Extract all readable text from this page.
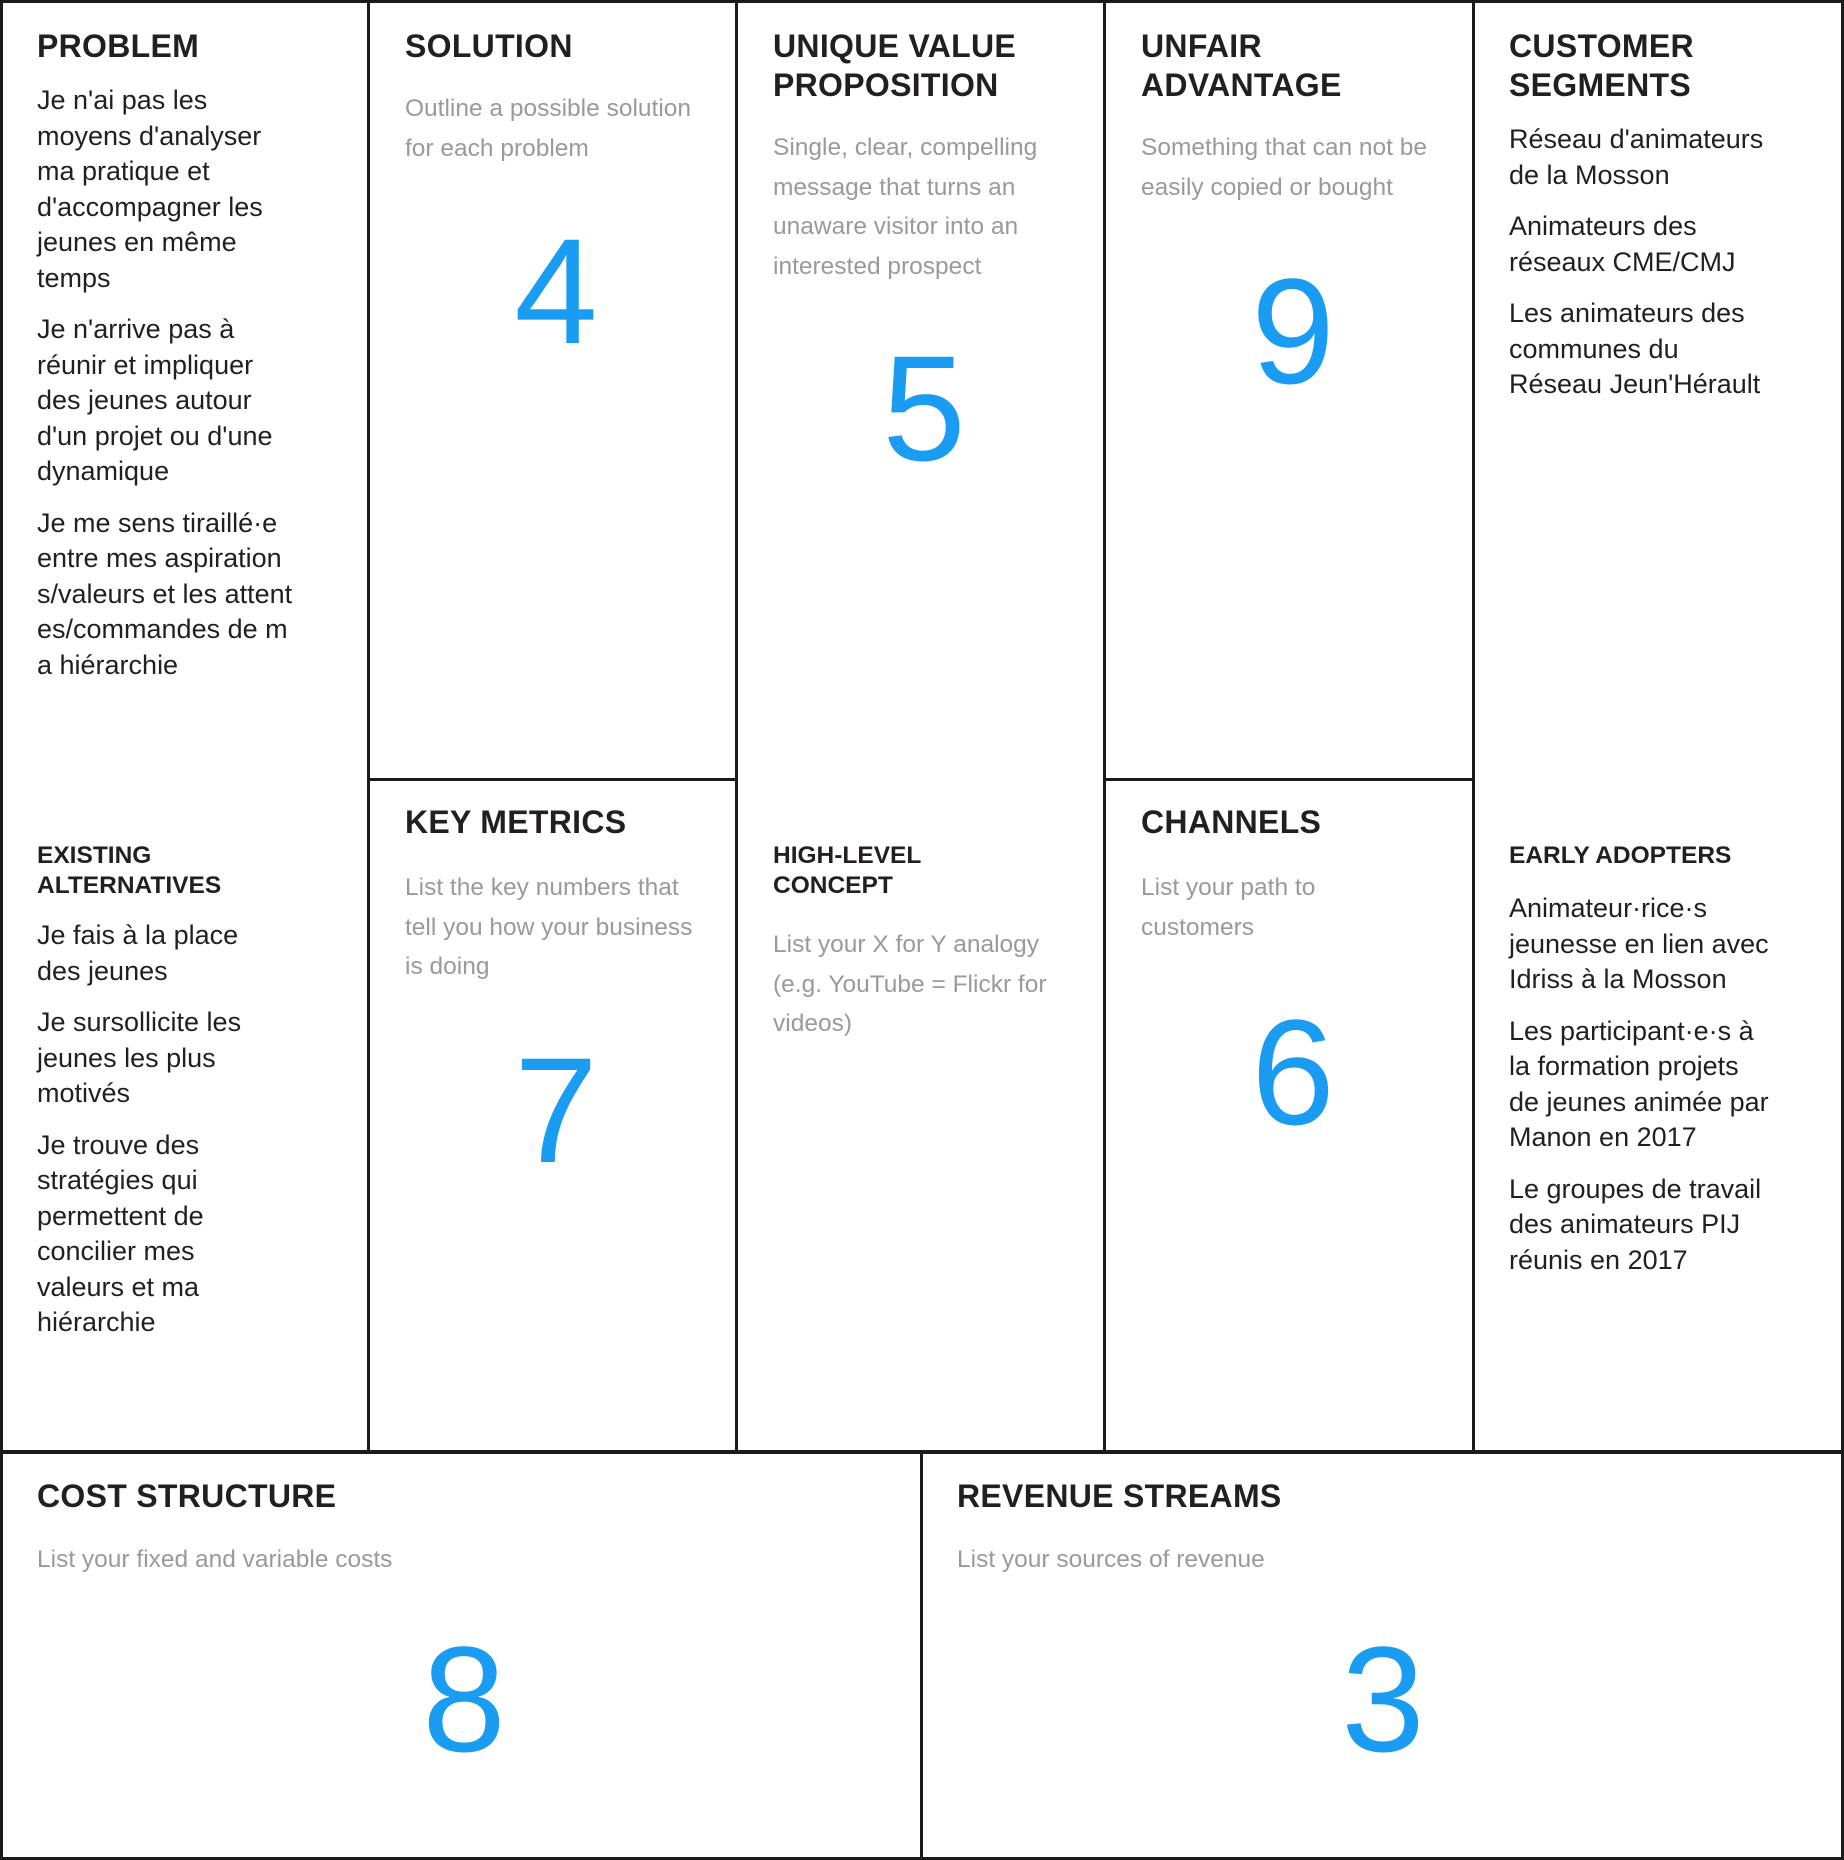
PROBLEM
Je n'ai pas les moyens d'analyser ma pratique et d'accompagner les jeunes en même temps
Je n'arrive pas à réunir et impliquer des jeunes autour d'un projet ou d'une dynamique
Je me sens tiraillé·e entre mes aspirations/valeurs et les attentes/commandes de ma hiérarchie
EXISTING ALTERNATIVES
Je fais à la place des jeunes
Je sursollicite les jeunes les plus motivés
Je trouve des stratégies qui permettent de concilier mes valeurs et ma hiérarchie
SOLUTION

Outline a possible solution for each problem

4
KEY METRICS

List the key numbers that tell you how your business is doing

7
UNIQUE VALUE PROPOSITION

Single, clear, compelling message that turns an unaware visitor into an interested prospect

5
HIGH-LEVEL CONCEPT

List your X for Y analogy (e.g. YouTube = Flickr for videos)

UNFAIR ADVANTAGE

Something that can not be easily copied or bought

9
CHANNELS

List your path to customers

6
CUSTOMER SEGMENTS
Réseau d'animateurs de la Mosson
Animateurs des réseaux CME/CMJ
Les animateurs des communes du Réseau Jeun'Hérault
EARLY ADOPTERS
Animateur·rice·s jeunesse en lien avec Idriss à la Mosson
Les participant·e·s à la formation projets de jeunes animée par Manon en 2017
Le groupes de travail des animateurs PIJ réunis en 2017
COST STRUCTURE

List your fixed and variable costs

8
REVENUE STREAMS

List your sources of revenue

3
